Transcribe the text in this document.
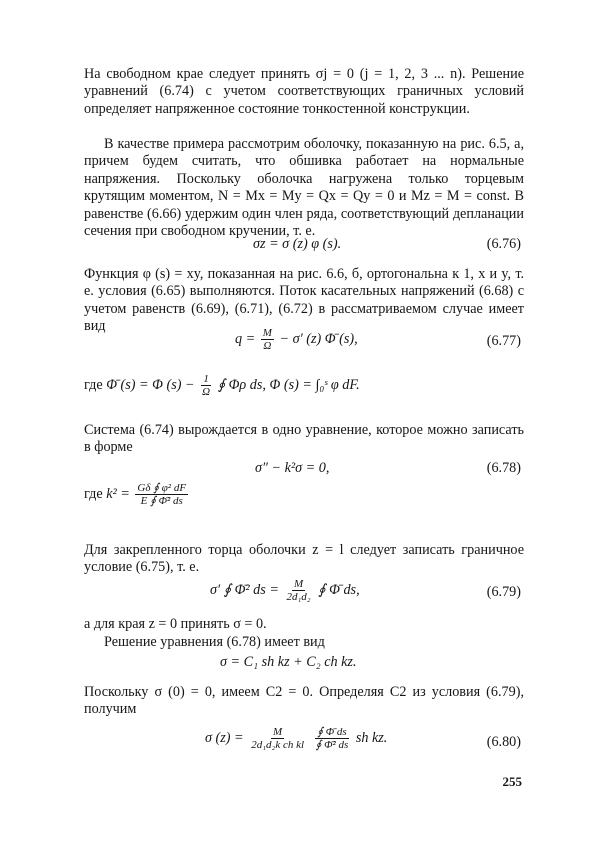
На свободном крае следует принять σj = 0 (j = 1, 2, 3 ... n). Решение уравнений (6.74) с учетом соответствующих граничных условий определяет напряженное состояние тонкостенной конструкции.

В качестве примера рассмотрим оболочку, показанную на рис. 6.5, а, причем будем считать, что обшивка работает на нормальные напряжения. Поскольку оболочка нагружена только торцевым крутящим моментом, N = Mx = My = Qx = Qy = 0 и Mz = M = const. В равенстве (6.66) удержим один член ряда, соответствующий депланации сечения при свободном кручении, т. е.

σz = σ (z) φ (s).	(6.76)

Функция φ (s) = xy, показанная на рис. 6.6, б, ортогональна к 1, x и y, т. е. условия (6.65) выполняются. Поток касательных напряжений (6.68) с учетом равенств (6.69), (6.71), (6.72) в рассматриваемом случае имеет вид

$q = \frac{M}{\Omega} - \sigma'$ (z) Φ̄ (s),	(6.77)
где Φ̄ (s) = Φ $(s) - \frac{1}{\Omega}$ ∮ Φρ ds, Φ (s) = ∫₀ˢ φ dF.

Система (6.74) вырождается в одно уравнение, которое можно записать в форме

σ″ − k²σ = 0,	(6.78)
где $k^2 = \frac{\text{Gδ ∮ φ² dF}}{\text{E ∮ Φ̄² ds}}$

Для закрепленного торца оболочки z = l следует записать граничное условие (6.75), т. е.

σ′ ∮ Φ̄² ds = $\frac{M}{\text{2d₁d₂}}$ ∮ Φ̄ ds,	(6.79)

а для края z = 0 принять σ = 0.

Решение уравнения (6.78) имеет вид

σ = C₁ sh kz + C₂ ch kz.

Поскольку σ (0) = 0, имеем C2 = 0. Определяя C2 из условия (6.79), получим

σ $(z) = \frac{M}{\text{2d₁d₂k ch kl}}$
$\frac{∮ \Phī ds}{\text{∮ Φ̄² ds}}$ sh kz.	(6.80)
255
